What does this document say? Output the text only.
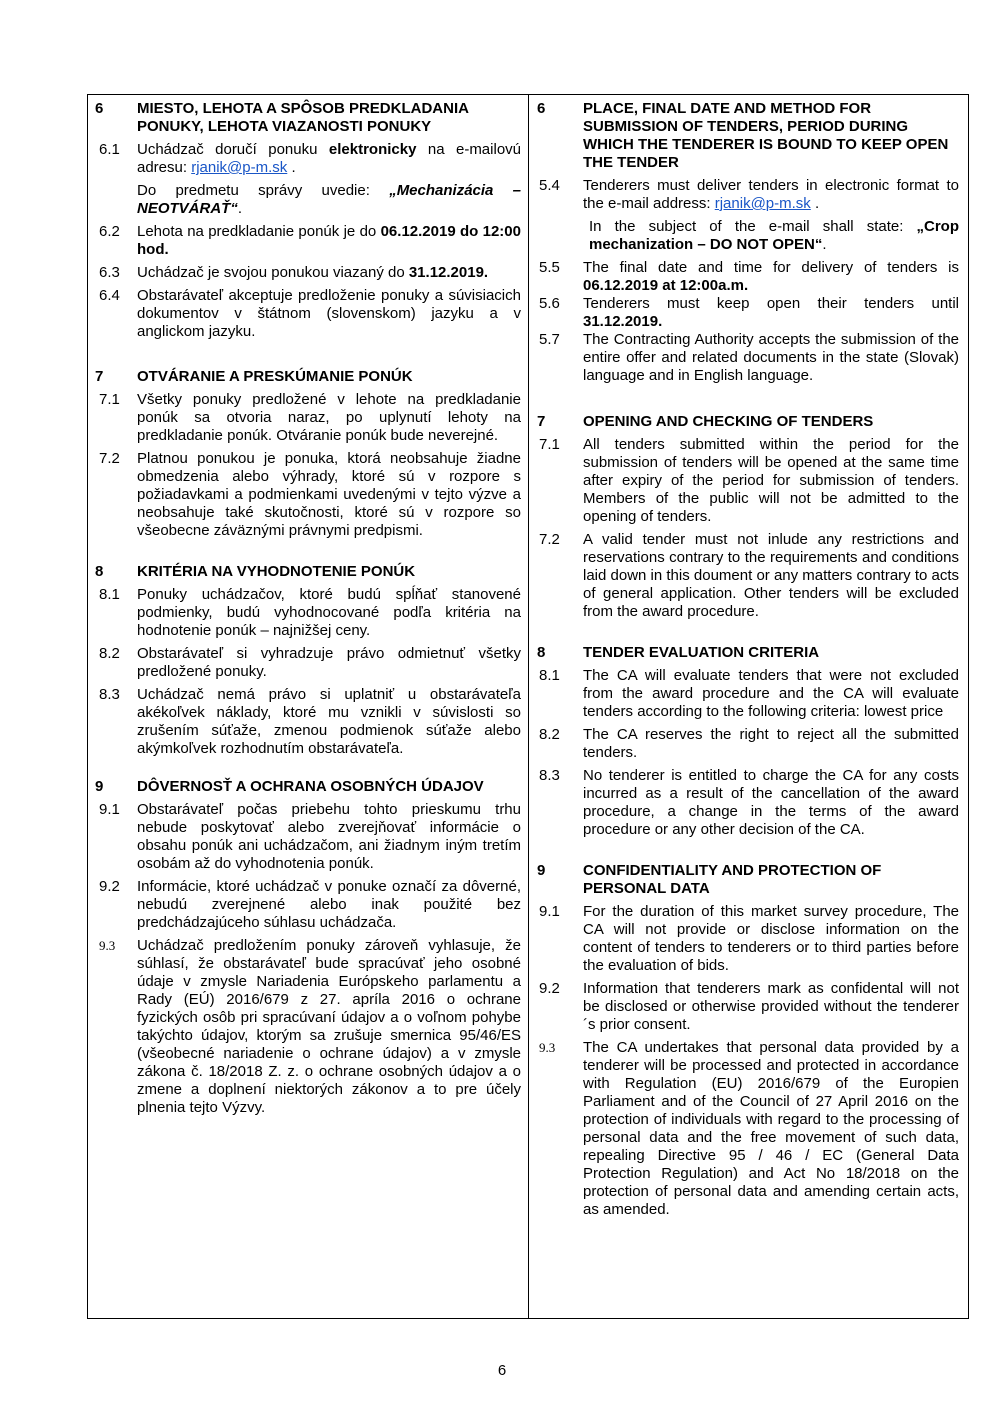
6	MIESTO, LEHOTA A SPÔSOB PREDKLADANIA PONUKY, LEHOTA VIAZANOSTI PONUKY
6.1	Uchádzač doručí ponuku elektronicky na e-mailovú adresu: rjanik@p-m.sk .
Do predmetu správy uvedie: „Mechanizácia – NEOTVÁRAŤ“.
6.2	Lehota na predkladanie ponúk je do 06.12.2019 do 12:00 hod.
6.3	Uchádzač je svojou ponukou viazaný do 31.12.2019.
6.4	Obstarávateľ akceptuje predloženie ponuky a súvisiacich dokumentov v štátnom (slovenskom) jazyku a v anglickom jazyku.
7	OTVÁRANIE A PRESKÚMANIE PONÚK
7.1	Všetky ponuky predložené v lehote na predkladanie ponúk sa otvoria naraz, po uplynutí lehoty na predkladanie ponúk. Otváranie ponúk bude neverejné.
7.2	Platnou ponukou je ponuka, ktorá neobsahuje žiadne obmedzenia alebo výhrady, ktoré sú v rozpore s požiadavkami a podmienkami uvedenými v tejto výzve a neobsahuje také skutočnosti, ktoré sú v rozpore so všeobecne záväznými právnymi predpismi.
8	KRITÉRIA NA VYHODNOTENIE PONÚK
8.1	Ponuky uchádzačov, ktoré budú spĺňať stanovené podmienky, budú vyhodnocované podľa kritéria na hodnotenie ponúk – najnižšej ceny.
8.2	Obstarávateľ si vyhradzuje právo odmietnuť všetky predložené ponuky.
8.3	Uchádzač nemá právo si uplatniť u obstarávateľa akékoľvek náklady, ktoré mu vznikli v súvislosti so zrušením súťaže, zmenou podmienok súťaže alebo akýmkoľvek rozhodnutím obstarávateľa.
9	DÔVERNOSŤ A OCHRANA OSOBNÝCH ÚDAJOV
9.1	Obstarávateľ počas priebehu tohto prieskumu trhu nebude poskytovať alebo zverejňovať informácie o obsahu ponúk ani uchádzačom, ani žiadnym iným tretím osobám až do vyhodnotenia ponúk.
9.2	Informácie, ktoré uchádzač v ponuke označí za dôverné, nebudú zverejnené alebo inak použité bez predchádzajúceho súhlasu uchádzača.
9.3	Uchádzač predložením ponuky zároveň vyhlasuje, že súhlasí, že obstarávateľ bude spracúvať jeho osobné údaje v zmysle Nariadenia Európskeho parlamentu a Rady (EÚ) 2016/679 z 27. apríla 2016 o ochrane fyzických osôb pri spracúvaní údajov a o voľnom pohybe takýchto údajov, ktorým sa zrušuje smernica 95/46/ES (všeobecné nariadenie o ochrane údajov) a v zmysle zákona č. 18/2018 Z. z. o ochrane osobných údajov a o zmene a doplnení niektorých zákonov a to pre účely plnenia tejto Výzvy.
6	PLACE, FINAL DATE AND METHOD FOR SUBMISSION OF TENDERS, PERIOD DURING WHICH THE TENDERER IS BOUND TO KEEP OPEN THE TENDER
5.4	Tenderers must deliver tenders in electronic format to the e-mail address: rjanik@p-m.sk .
In the subject of the e-mail shall state: „Crop mechanization – DO NOT OPEN“.
5.5	The final date and time for delivery of tenders is 06.12.2019 at 12:00a.m.
5.6	Tenderers must keep open their tenders until 31.12.2019.
5.7	The Contracting Authority accepts the submission of the entire offer and related documents in the state (Slovak) language and in English language.
7	OPENING AND CHECKING OF TENDERS
7.1	All tenders submitted within the period for the submission of tenders will be opened at the same time after expiry of the period for submission of tenders. Members of the public will not be admitted to the opening of tenders.
7.2	A valid tender must not inlude any restrictions and reservations contrary to the requirements and conditions laid down in this doument or any matters contrary to acts of general application. Other tenders will be excluded from the award procedure.
8	TENDER EVALUATION CRITERIA
8.1	The CA will evaluate tenders that were not excluded from the award procedure and the CA will evaluate tenders according to the following criteria: lowest price
8.2	The CA reserves the right to reject all the submitted tenders.
8.3	No tenderer is entitled to charge the CA for any costs incurred as a result of the cancellation of the award procedure, a change in the terms of the award procedure or any other decision of the CA.
9	CONFIDENTIALITY AND PROTECTION OF PERSONAL DATA
9.1	For the duration of this market survey procedure, The CA will not provide or disclose information on the content of tenders to tenderers or to third parties before the evaluation of bids.
9.2	Information that tenderers mark as confidental will not be disclosed or otherwise provided without the tenderer´s prior consent.
9.3	The CA undertakes that personal data provided by a tenderer will be processed and protected in accordance with Regulation (EU) 2016/679 of the Europien Parliament and of the Council of 27 April 2016 on the protection of individuals with regard to the processing of personal data and the free movement of such data, repealing Directive 95 / 46 / EC (General Data Protection Regulation) and Act No 18/2018 on the protection of personal data and amending certain acts, as amended.
6
